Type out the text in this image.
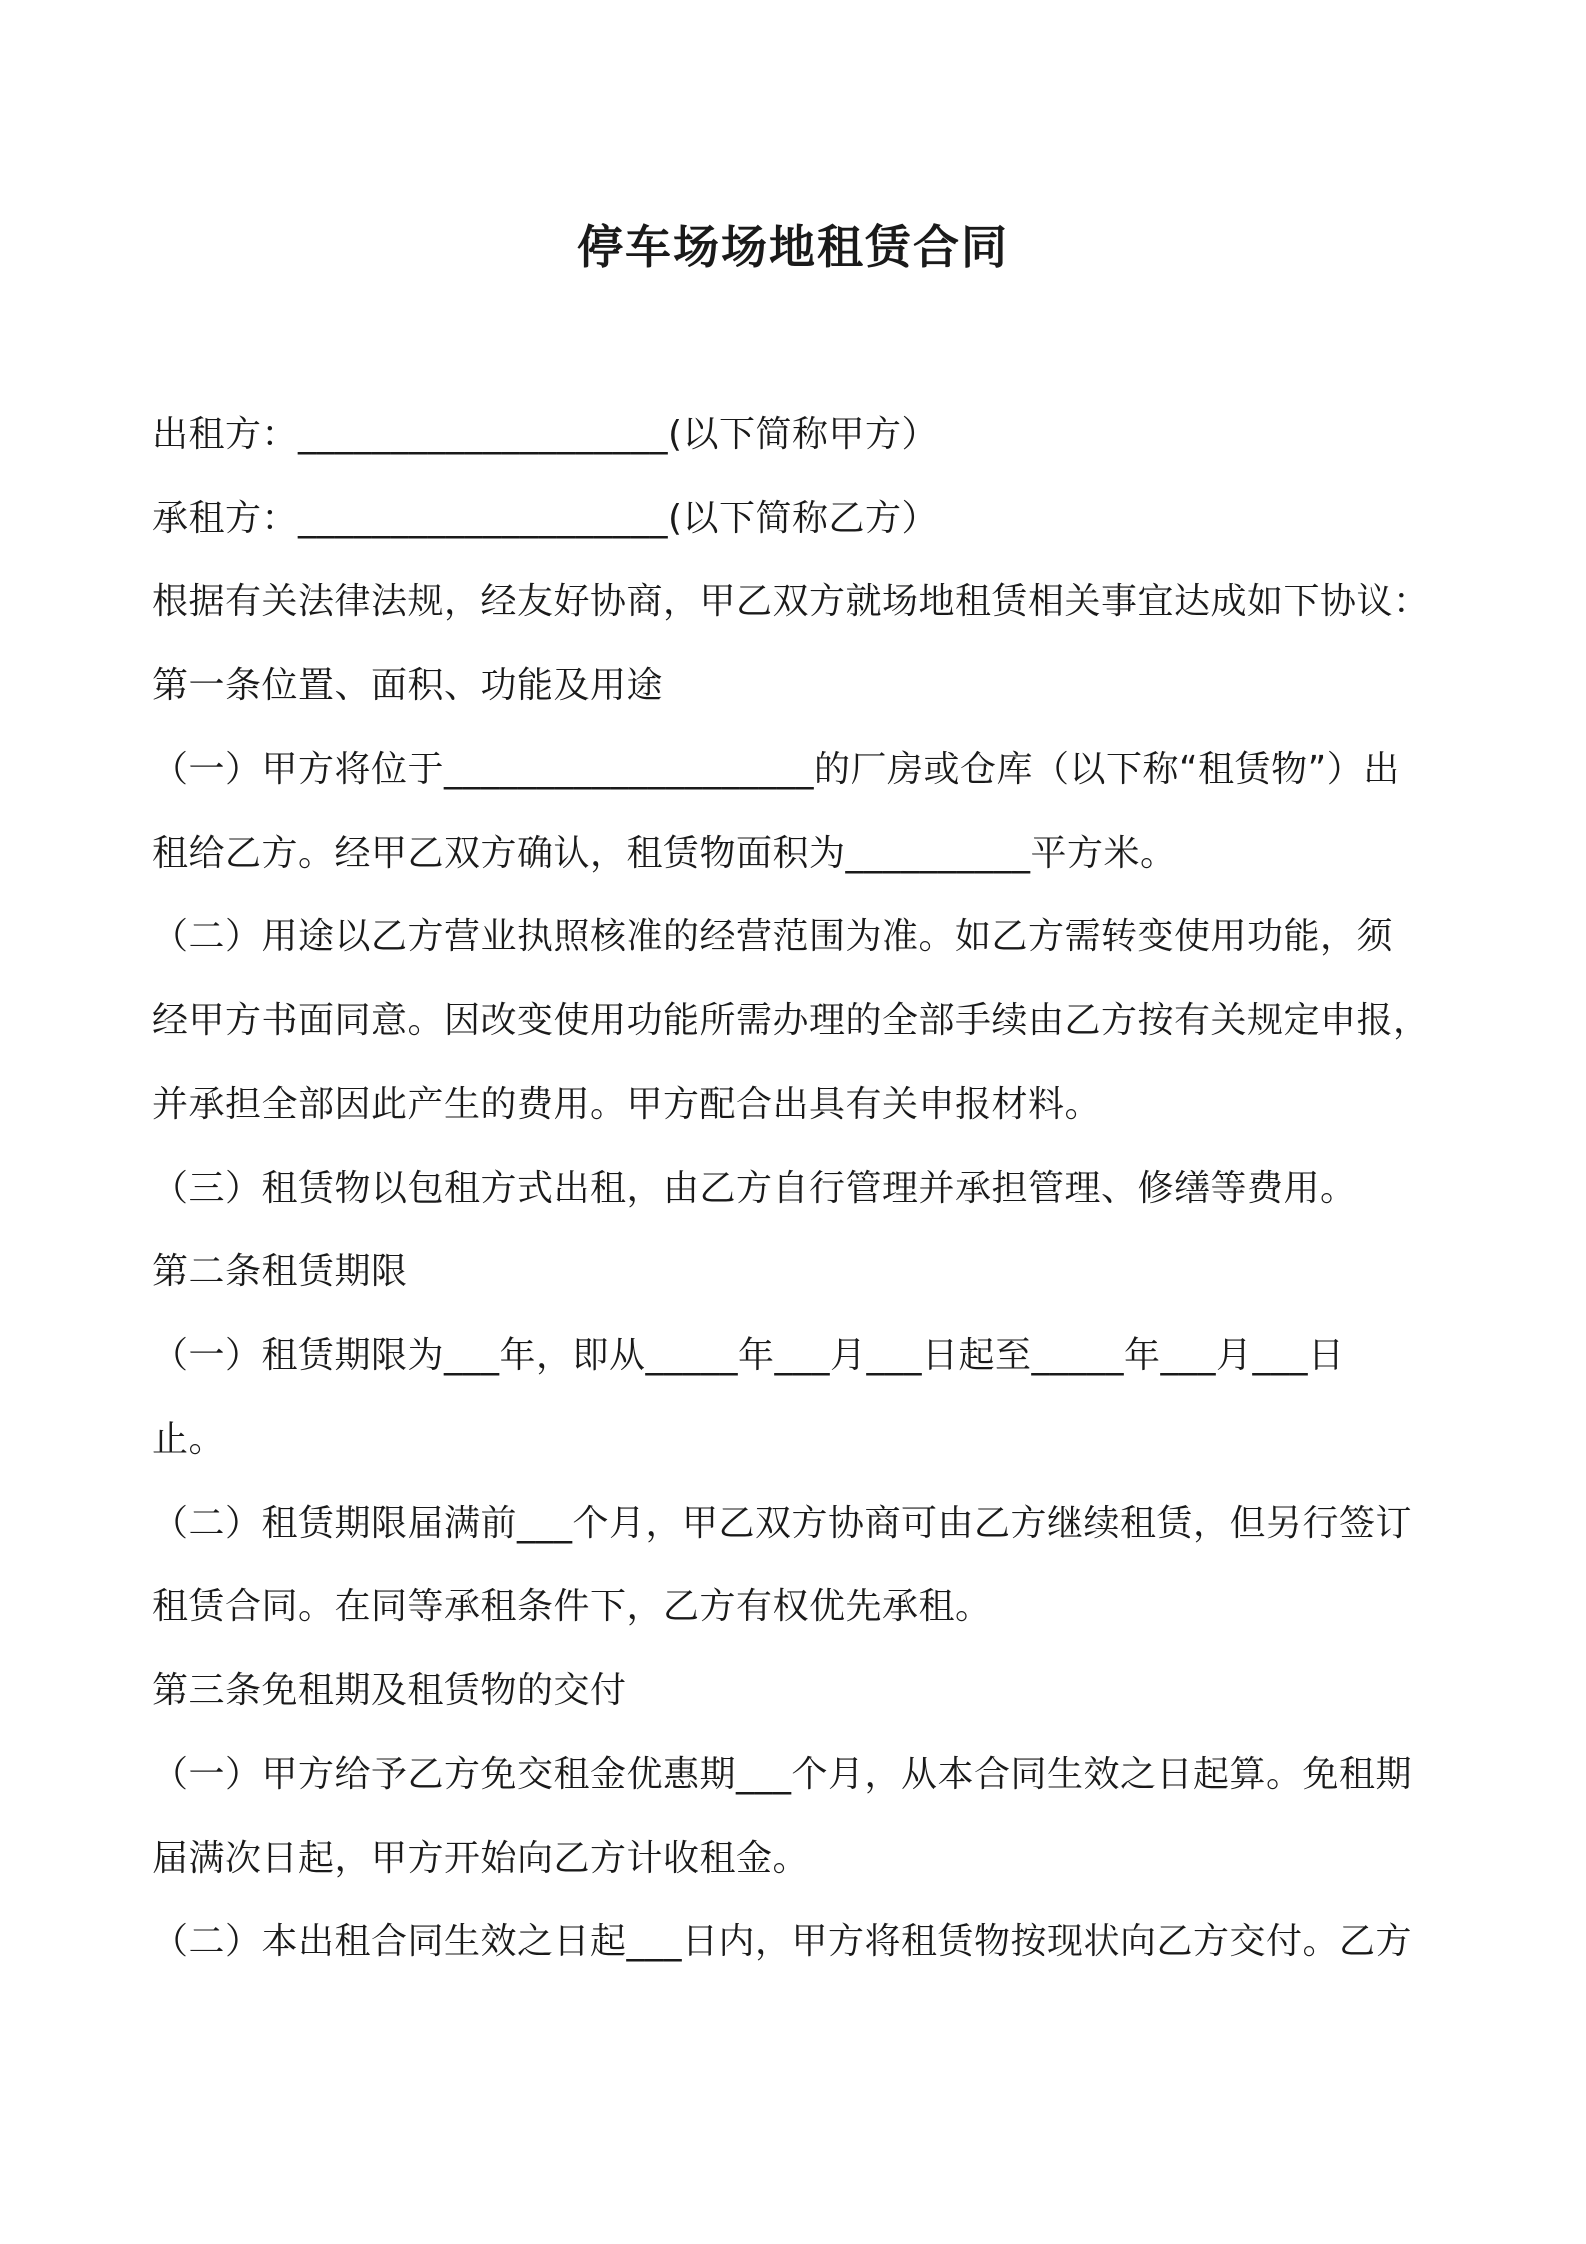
停车场场地租赁合同
出租方：____________________(以下简称甲方）
承租方：____________________(以下简称乙方）
根据有关法律法规，经友好协商，甲乙双方就场地租赁相关事宜达成如下协议：
第一条位置、面积、功能及用途
（一）甲方将位于____________________的厂房或仓库（以下称“租赁物”）出
租给乙方。经甲乙双方确认，租赁物面积为__________平方米。
（二）用途以乙方营业执照核准的经营范围为准。如乙方需转变使用功能，须
经甲方书面同意。因改变使用功能所需办理的全部手续由乙方按有关规定申报，
并承担全部因此产生的费用。甲方配合出具有关申报材料。
（三）租赁物以包租方式出租，由乙方自行管理并承担管理、修缮等费用。
第二条租赁期限
（一）租赁期限为___年，即从_____年___月___日起至_____年___月___日
止。
（二）租赁期限届满前___个月，甲乙双方协商可由乙方继续租赁，但另行签订
租赁合同。在同等承租条件下，乙方有权优先承租。
第三条免租期及租赁物的交付
（一）甲方给予乙方免交租金优惠期___个月，从本合同生效之日起算。免租期
届满次日起，甲方开始向乙方计收租金。
（二）本出租合同生效之日起___日内，甲方将租赁物按现状向乙方交付。乙方
